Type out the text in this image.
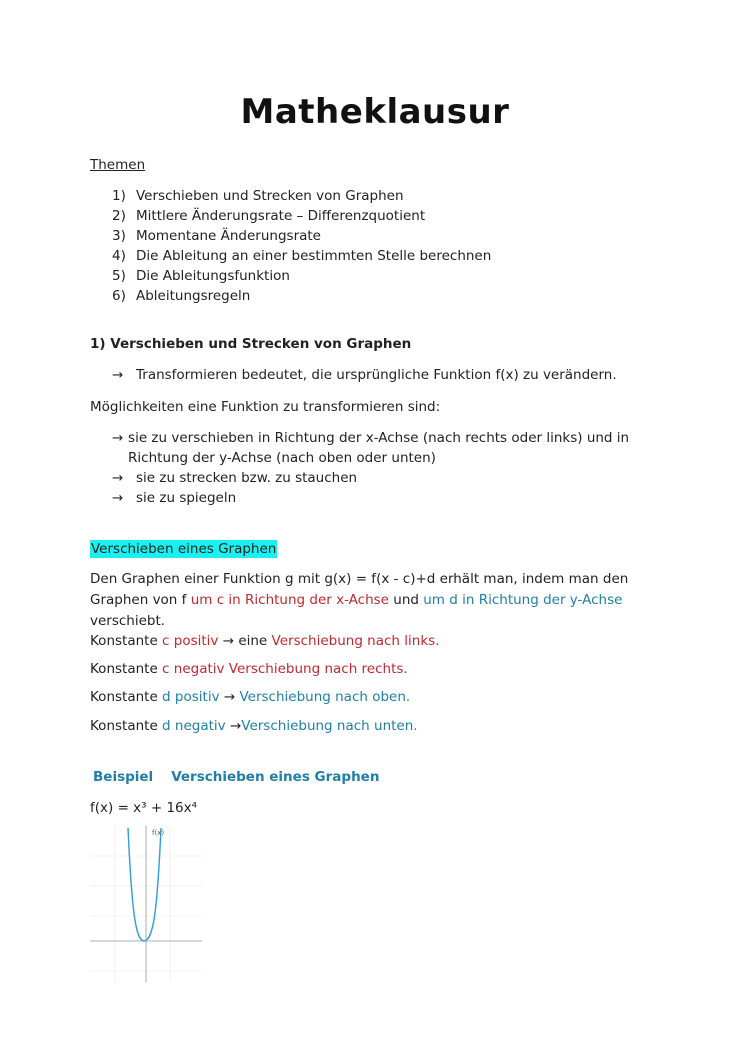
Matheklausur
Themen
1) Verschieben und Strecken von Graphen
2) Mittlere Änderungsrate – Differenzquotient
3) Momentane Änderungsrate
4) Die Ableitung an einer bestimmten Stelle berechnen
5) Die Ableitungsfunktion
6) Ableitungsregeln
1) Verschieben und Strecken von Graphen
→ Transformieren bedeutet, die ursprüngliche Funktion f(x) zu verändern.
Möglichkeiten eine Funktion zu transformieren sind:
→ sie zu verschieben in Richtung der x-Achse (nach rechts oder links) und in Richtung der y-Achse (nach oben oder unten)
→ sie zu strecken bzw. zu stauchen
→ sie zu spiegeln
Verschieben eines Graphen
Den Graphen einer Funktion g mit g(x) = f(x - c)+d erhält man, indem man den Graphen von f um c in Richtung der x-Achse und um d in Richtung der y-Achse verschiebt.
Konstante c positiv → eine Verschiebung nach links.
Konstante c negativ Verschiebung nach rechts.
Konstante d positiv → Verschiebung nach oben.
Konstante d negativ →Verschiebung nach unten.
Beispiel Verschieben eines Graphen
f(x) = x³ + 16x⁴
f(x)
